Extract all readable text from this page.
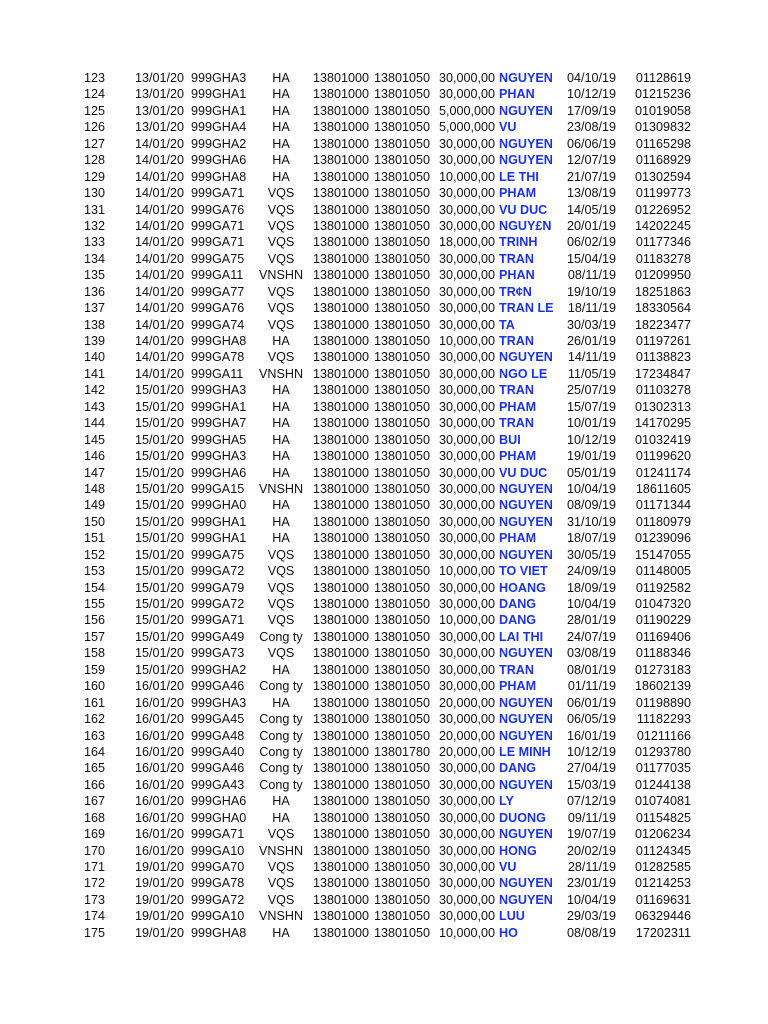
123	13/01/20 999GHA3	HA	13801000 13801050 30,000,00 NGUYEN	04/10/19	01128619
124	13/01/20 999GHA1	HA	13801000 13801050 30,000,00 PHAN	10/12/19	01215236
125	13/01/20 999GHA1	HA	13801000 13801050 5,000,000 NGUYEN	17/09/19	01019058
126	13/01/20 999GHA4	HA	13801000 13801050 5,000,000 VU	23/08/19	01309832
127	14/01/20 999GHA2	HA	13801000 13801050 30,000,00 NGUYEN	06/06/19	01165298
128	14/01/20 999GHA6	HA	13801000 13801050 30,000,00 NGUYEN	12/07/19	01168929
129	14/01/20 999GHA8	HA	13801000 13801050 10,000,00 LE THI	21/07/19	01302594
130	14/01/20 999GA71	VQS	13801000 13801050 30,000,00 PHAM	13/08/19	01199773
131	14/01/20 999GA76	VQS	13801000 13801050 30,000,00 VU DUC	14/05/19	01226952
132	14/01/20 999GA71	VQS	13801000 13801050 30,000,00 NGUY£N	20/01/19	14202245
133	14/01/20 999GA71	VQS	13801000 13801050 18,000,00 TRINH	06/02/19	01177346
134	14/01/20 999GA75	VQS	13801000 13801050 30,000,00 TRAN	15/04/19	01183278
135	14/01/20 999GA11	VNSHN 13801000 13801050 30,000,00 PHAN	08/11/19	01209950
136	14/01/20 999GA77	VQS	13801000 13801050 30,000,00 TR¢N	19/10/19	18251863
137	14/01/20 999GA76	VQS	13801000 13801050 30,000,00 TRAN LE	18/11/19	18330564
138	14/01/20 999GA74	VQS	13801000 13801050 30,000,00 TA	30/03/19	18223477
139	14/01/20 999GHA8	HA	13801000 13801050 10,000,00 TRAN	26/01/19	01197261
140	14/01/20 999GA78	VQS	13801000 13801050 30,000,00 NGUYEN	14/11/19	01138823
141	14/01/20 999GA11	VNSHN 13801000 13801050 30,000,00 NGO LE	11/05/19	17234847
142	15/01/20 999GHA3	HA	13801000 13801050 30,000,00 TRAN	25/07/19	01103278
143	15/01/20 999GHA1	HA	13801000 13801050 30,000,00 PHAM	15/07/19	01302313
144	15/01/20 999GHA7	HA	13801000 13801050 30,000,00 TRAN	10/01/19	14170295
145	15/01/20 999GHA5	HA	13801000 13801050 30,000,00 BUI	10/12/19	01032419
146	15/01/20 999GHA3	HA	13801000 13801050 30,000,00 PHAM	19/01/19	01199620
147	15/01/20 999GHA6	HA	13801000 13801050 30,000,00 VU DUC	05/01/19	01241174
148	15/01/20 999GA15	VNSHN 13801000 13801050 30,000,00 NGUYEN	10/04/19	18611605
149	15/01/20 999GHA0	HA	13801000 13801050 30,000,00 NGUYEN	08/09/19	01171344
150	15/01/20 999GHA1	HA	13801000 13801050 30,000,00 NGUYEN	31/10/19	01180979
151	15/01/20 999GHA1	HA	13801000 13801050 30,000,00 PHAM	18/07/19	01239096
152	15/01/20 999GA75	VQS	13801000 13801050 30,000,00 NGUYEN	30/05/19	15147055
153	15/01/20 999GA72	VQS	13801000 13801050 10,000,00 TO VIET	24/09/19	01148005
154	15/01/20 999GA79	VQS	13801000 13801050 30,000,00 HOANG	18/09/19	01192582
155	15/01/20 999GA72	VQS	13801000 13801050 30,000,00 DANG	10/04/19	01047320
156	15/01/20 999GA71	VQS	13801000 13801050 10,000,00 DANG	28/01/19	01190229
157	15/01/20 999GA49	Cong ty 13801000 13801050 30,000,00 LAI THI	24/07/19	01169406
158	15/01/20 999GA73	VQS	13801000 13801050 30,000,00 NGUYEN	03/08/19	01188346
159	15/01/20 999GHA2	HA	13801000 13801050 30,000,00 TRAN	08/01/19	01273183
160	16/01/20 999GA46	Cong ty 13801000 13801050 30,000,00 PHAM	01/11/19	18602139
161	16/01/20 999GHA3	HA	13801000 13801050 20,000,00 NGUYEN	06/01/19	01198890
162	16/01/20 999GA45	Cong ty 13801000 13801050 30,000,00 NGUYEN	06/05/19	11182293
163	16/01/20 999GA48	Cong ty 13801000 13801050 20,000,00 NGUYEN	16/01/19	01211166
164	16/01/20 999GA40	Cong ty 13801000 13801780 20,000,00 LE MINH	10/12/19	01293780
165	16/01/20 999GA46	Cong ty 13801000 13801050 30,000,00 DANG	27/04/19	01177035
166	16/01/20 999GA43	Cong ty 13801000 13801050 30,000,00 NGUYEN	15/03/19	01244138
167	16/01/20 999GHA6	HA	13801000 13801050 30,000,00 LY	07/12/19	01074081
168	16/01/20 999GHA0	HA	13801000 13801050 30,000,00 DUONG	09/11/19	01154825
169	16/01/20 999GA71	VQS	13801000 13801050 30,000,00 NGUYEN	19/07/19	01206234
170	16/01/20 999GA10	VNSHN 13801000 13801050 30,000,00 HONG	20/02/19	01124345
171	19/01/20 999GA70	VQS	13801000 13801050 30,000,00 VU	28/11/19	01282585
172	19/01/20 999GA78	VQS	13801000 13801050 30,000,00 NGUYEN	23/01/19	01214253
173	19/01/20 999GA72	VQS	13801000 13801050 30,000,00 NGUYEN	10/04/19	01169631
174	19/01/20 999GA10	VNSHN 13801000 13801050 30,000,00 LUU	29/03/19	06329446
175	19/01/20 999GHA8	HA	13801000 13801050 10,000,00 HO	08/08/19	17202311
